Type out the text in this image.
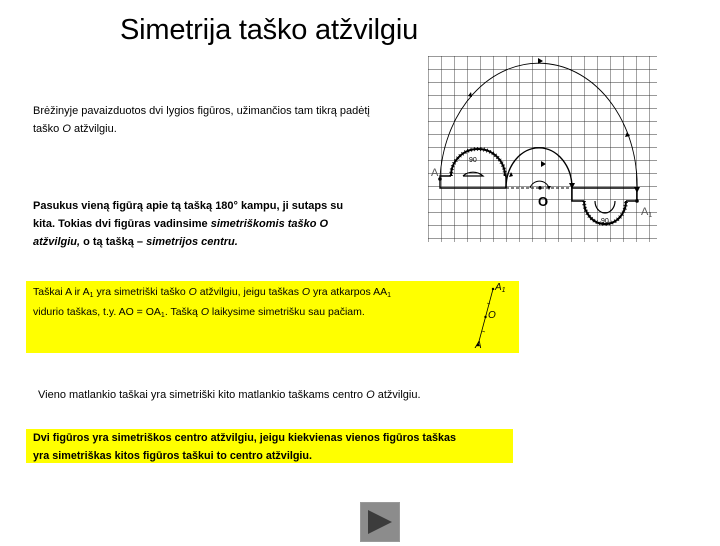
Simetrija taško atžvilgiu
Brėžinyje pavaizduotos dvi lygios figūros, užimančios tam tikrą padėtį
taško O atžvilgiu.
Pasukus vieną figūrą apie tą tašką 180° kampu, ji sutaps su
kita. Tokias dvi figūras vadinsime simetriškomis taško O
atžvilgiu, o tą tašką – simetrijos centru.
Taškai A ir $A_1$ yra simetriški taško O atžvilgiu, jeigu taškas O yra atkarpos $AA_1$
vidurio taškas, t.y. AO = $OA_1$. Tašką O laikysime simetrišku sau pačiam.
$A_1$
O
A
Vieno matlankio taškai yra simetriški kito matlankio taškams centro O atžvilgiu.
Dvi figūros yra simetriškos centro atžvilgiu, jeigu kiekvienas vienos figūros taškas
yra simetriškas kitos figūros taškui to centro atžvilgiu.
A
$A_1$
O
90
90
